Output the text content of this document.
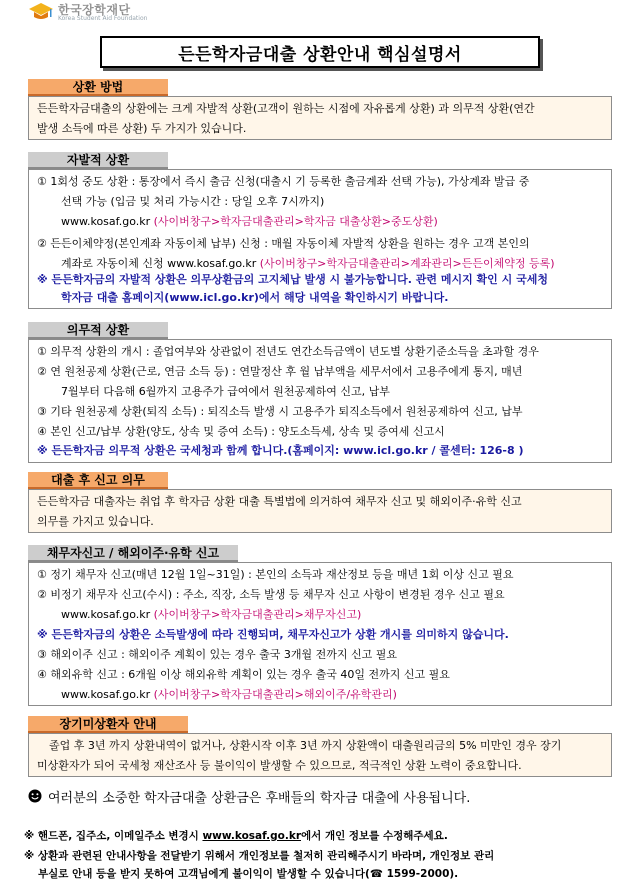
한국장학재단
Korea Student Aid Foundation
든든학자금대출 상환안내 핵심설명서
상환 방법
든든학자금대출의 상환에는 크게 자발적 상환(고객이 원하는 시점에 자유롭게 상환) 과 의무적 상환(연간
발생 소득에 따른 상환) 두 가지가 있습니다.
자발적 상환
① 1회성 중도 상환 : 통장에서 즉시 출금 신청(대출시 기 등록한 출금계좌 선택 가능), 가상계좌 발급 중
선택 가능 (입금 및 처리 가능시간 : 당일 오후 7시까지)
www.kosaf.go.kr (사이버창구>학자금대출관리>학자금 대출상환>중도상환)
② 든든이체약정(본인계좌 자동이체 납부) 신청 : 매월 자동이체 자발적 상환을 원하는 경우 고객 본인의
계좌로 자동이체 신청 www.kosaf.go.kr (사이버창구>학자금대출관리>계좌관리>든든이체약정 등록)
※ 든든학자금의 자발적 상환은 의무상환금의 고지체납 발생 시 불가능합니다. 관련 메시지 확인 시 국세청
학자금 대출 홈페이지(www.icl.go.kr)에서 해당 내역을 확인하시기 바랍니다.
의무적 상환
① 의무적 상환의 개시 : 졸업여부와 상관없이 전년도 연간소득금액이 년도별 상환기준소득을 초과할 경우
② 연 원천공제 상환(근로, 연금 소득 등) : 연말정산 후 월 납부액을 세무서에서 고용주에게 통지, 매년
7월부터 다음해 6월까지 고용주가 급여에서 원천공제하여 신고, 납부
③ 기타 원천공제 상환(퇴직 소득) : 퇴직소득 발생 시 고용주가 퇴직소득에서 원천공제하여 신고, 납부
④ 본인 신고/납부 상환(양도, 상속 및 증여 소득) : 양도소득세, 상속 및 증여세 신고시
※ 든든학자금 의무적 상환은 국세청과 함께 합니다.(홈페이지: www.icl.go.kr / 콜센터: 126-8 )
대출 후 신고 의무
든든학자금 대출자는 취업 후 학자금 상환 대출 특별법에 의거하여 채무자 신고 및 해외이주·유학 신고
의무를 가지고 있습니다.
채무자신고 / 해외이주·유학 신고
① 정기 채무자 신고(매년 12월 1일~31일) : 본인의 소득과 재산정보 등을 매년 1회 이상 신고 필요
② 비정기 채무자 신고(수시) : 주소, 직장, 소득 발생 등 채무자 신고 사항이 변경된 경우 신고 필요
www.kosaf.go.kr (사이버창구>학자금대출관리>채무자신고)
※ 든든학자금의 상환은 소득발생에 따라 진행되며, 채무자신고가 상환 개시를 의미하지 않습니다.
③ 해외이주 신고 : 해외이주 계획이 있는 경우 출국 3개월 전까지 신고 필요
④ 해외유학 신고 : 6개월 이상 해외유학 계획이 있는 경우 출국 40일 전까지 신고 필요
www.kosaf.go.kr (사이버창구>학자금대출관리>해외이주/유학관리)
장기미상환자 안내
졸업 후 3년 까지 상환내역이 없거나, 상환시작 이후 3년 까지 상환액이 대출원리금의 5% 미만인 경우 장기
미상환자가 되어 국세청 재산조사 등 불이익이 발생할 수 있으므로, 적극적인 상환 노력이 중요합니다.
여러분의 소중한 학자금대출 상환금은 후배들의 학자금 대출에 사용됩니다.
※ 핸드폰, 집주소, 이메일주소 변경시 www.kosaf.go.kr에서 개인 정보를 수정해주세요.
※ 상환과 관련된 안내사항을 전달받기 위해서 개인정보를 철저히 관리해주시기 바라며, 개인정보 관리
부실로 안내 등을 받지 못하여 고객님에게 불이익이 발생할 수 있습니다(☎ 1599-2000).
